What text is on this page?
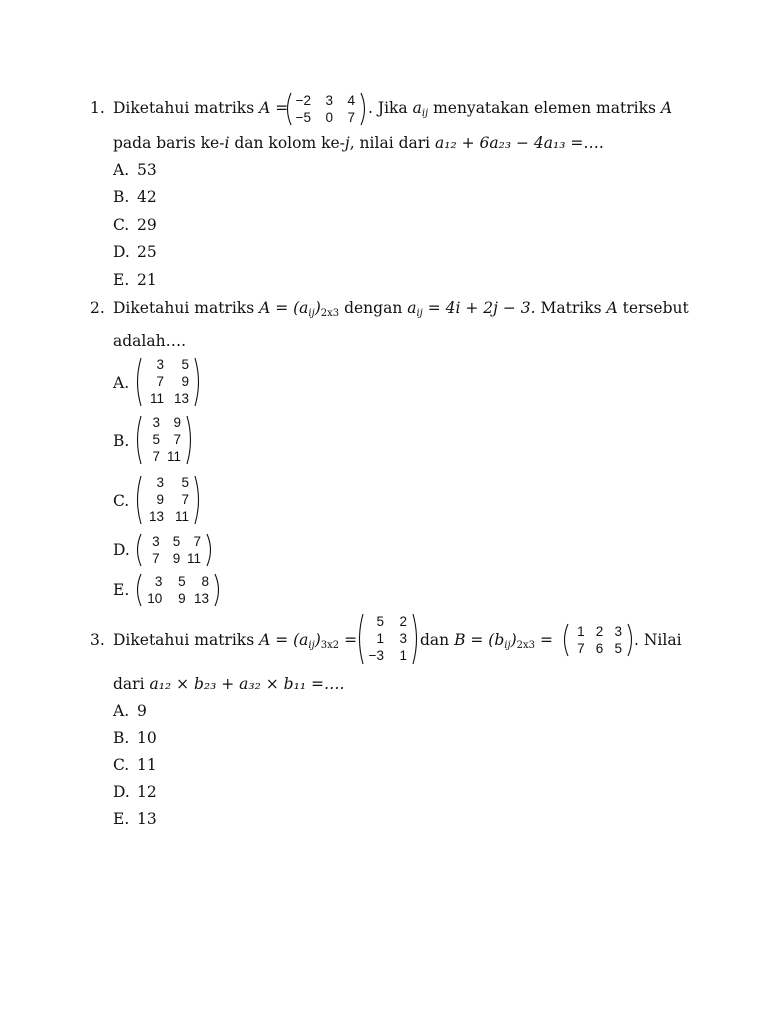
1. Diketahui matriks A = −2	3	4
−5	0	7 . Jika $a_{ij}$ menyatakan elemen matriks A
pada baris ke-i dan kolom ke-j, nilai dari a₁₂ + 6a₂₃ − 4a₁₃ =….
A. 53
B. 42
C. 29
D. 25
E. 21
2. Diketahui matriks $A = (a_{ij})_{2x3}$ dengan $a_{ij} = 4i + 2j - 3$. Matriks A tersebut
adalah….
A.
3	5
7	9
11 13
B.
3 9
5 7
7 11
C.
3	5
9	7
13 11
D.	3 5 7
7 9 11
E.	3	5	8
10	9 13
3. Diketahui matriks $A = (a_{ij})_{3x2}$ =
5	2
1	3
−3	1
dan $B = (b_{ij})_{2x3}$ =	1 2 3
7 6 5 . Nilai
dari a₁₂ × b₂₃ + a₃₂ × b₁₁ =….
A. 9
B. 10
C. 11
D. 12
E. 13
